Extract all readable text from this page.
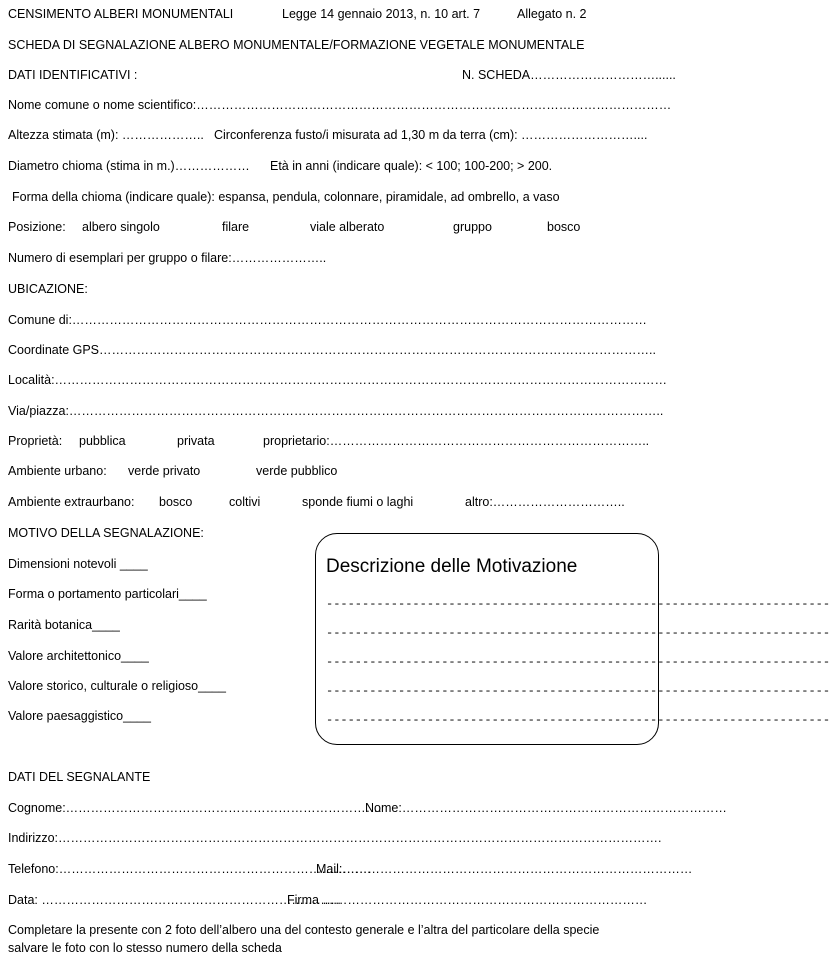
CENSIMENTO ALBERI MONUMENTALI	Legge 14 gennaio 2013, n. 10 art. 7	Allegato n. 2
SCHEDA DI SEGNALAZIONE ALBERO MONUMENTALE/FORMAZIONE VEGETALE MONUMENTALE
DATI IDENTIFICATIVI :	N. SCHEDA…………………………......
Nome comune o nome scientifico:……………………………………………………………………………………………………
Altezza stimata (m): ……………….. Circonferenza fusto/i misurata ad 1,30 m da terra (cm): ………………………....
Diametro chioma (stima in m.)……………… Età in anni (indicare quale): < 100; 100-200; > 200.
Forma della chioma (indicare quale): espansa, pendula, colonnare, piramidale, ad ombrello, a vaso
Posizione: albero singolo	filare	viale alberato	gruppo	bosco
Numero di esemplari per gruppo o filare:…………………..
UBICAZIONE:
Comune di:…………………………………………………………………………………………………………………………
Coordinate GPS……………………………………………………………………………………………………………………..
Località:…………………………………………………………………………………………………………………………………
Via/piazza:……………………………………………………………………………………………………………………………..
Proprietà: pubblica	privata	proprietario:…………………………………………………………………..
Ambiente urbano: verde privato	verde pubblico
Ambiente extraurbano: bosco	coltivi	sponde fiumi o laghi	altro:…………………………..
MOTIVO DELLA SEGNALAZIONE:
Dimensioni notevoli ____
Forma o portamento particolari____
Rarità botanica____
Valore architettonico____
Valore storico, culturale o religioso____
Valore paesaggistico____
Descrizione delle Motivazione
----------------------------------------------------------------------
----------------------------------------------------------------------
----------------------------------------------------------------------
----------------------------------------------------------------------
----------------------------------------------------------------------
DATI DEL SEGNALANTE
Cognome:………………………………………………………………….
Nome:……………………………………………………………………
Indirizzo:……………………………………………………………………………………………………………………………….
Telefono:…………………………………………………………………
Mail:…………………………………………………………………………
Data: ………………………………………………………………
Firma ……………………………………………………………………
Completare la presente con 2 foto dell’albero una del contesto generale e l’altra del particolare della specie
salvare le foto con lo stesso numero della scheda
